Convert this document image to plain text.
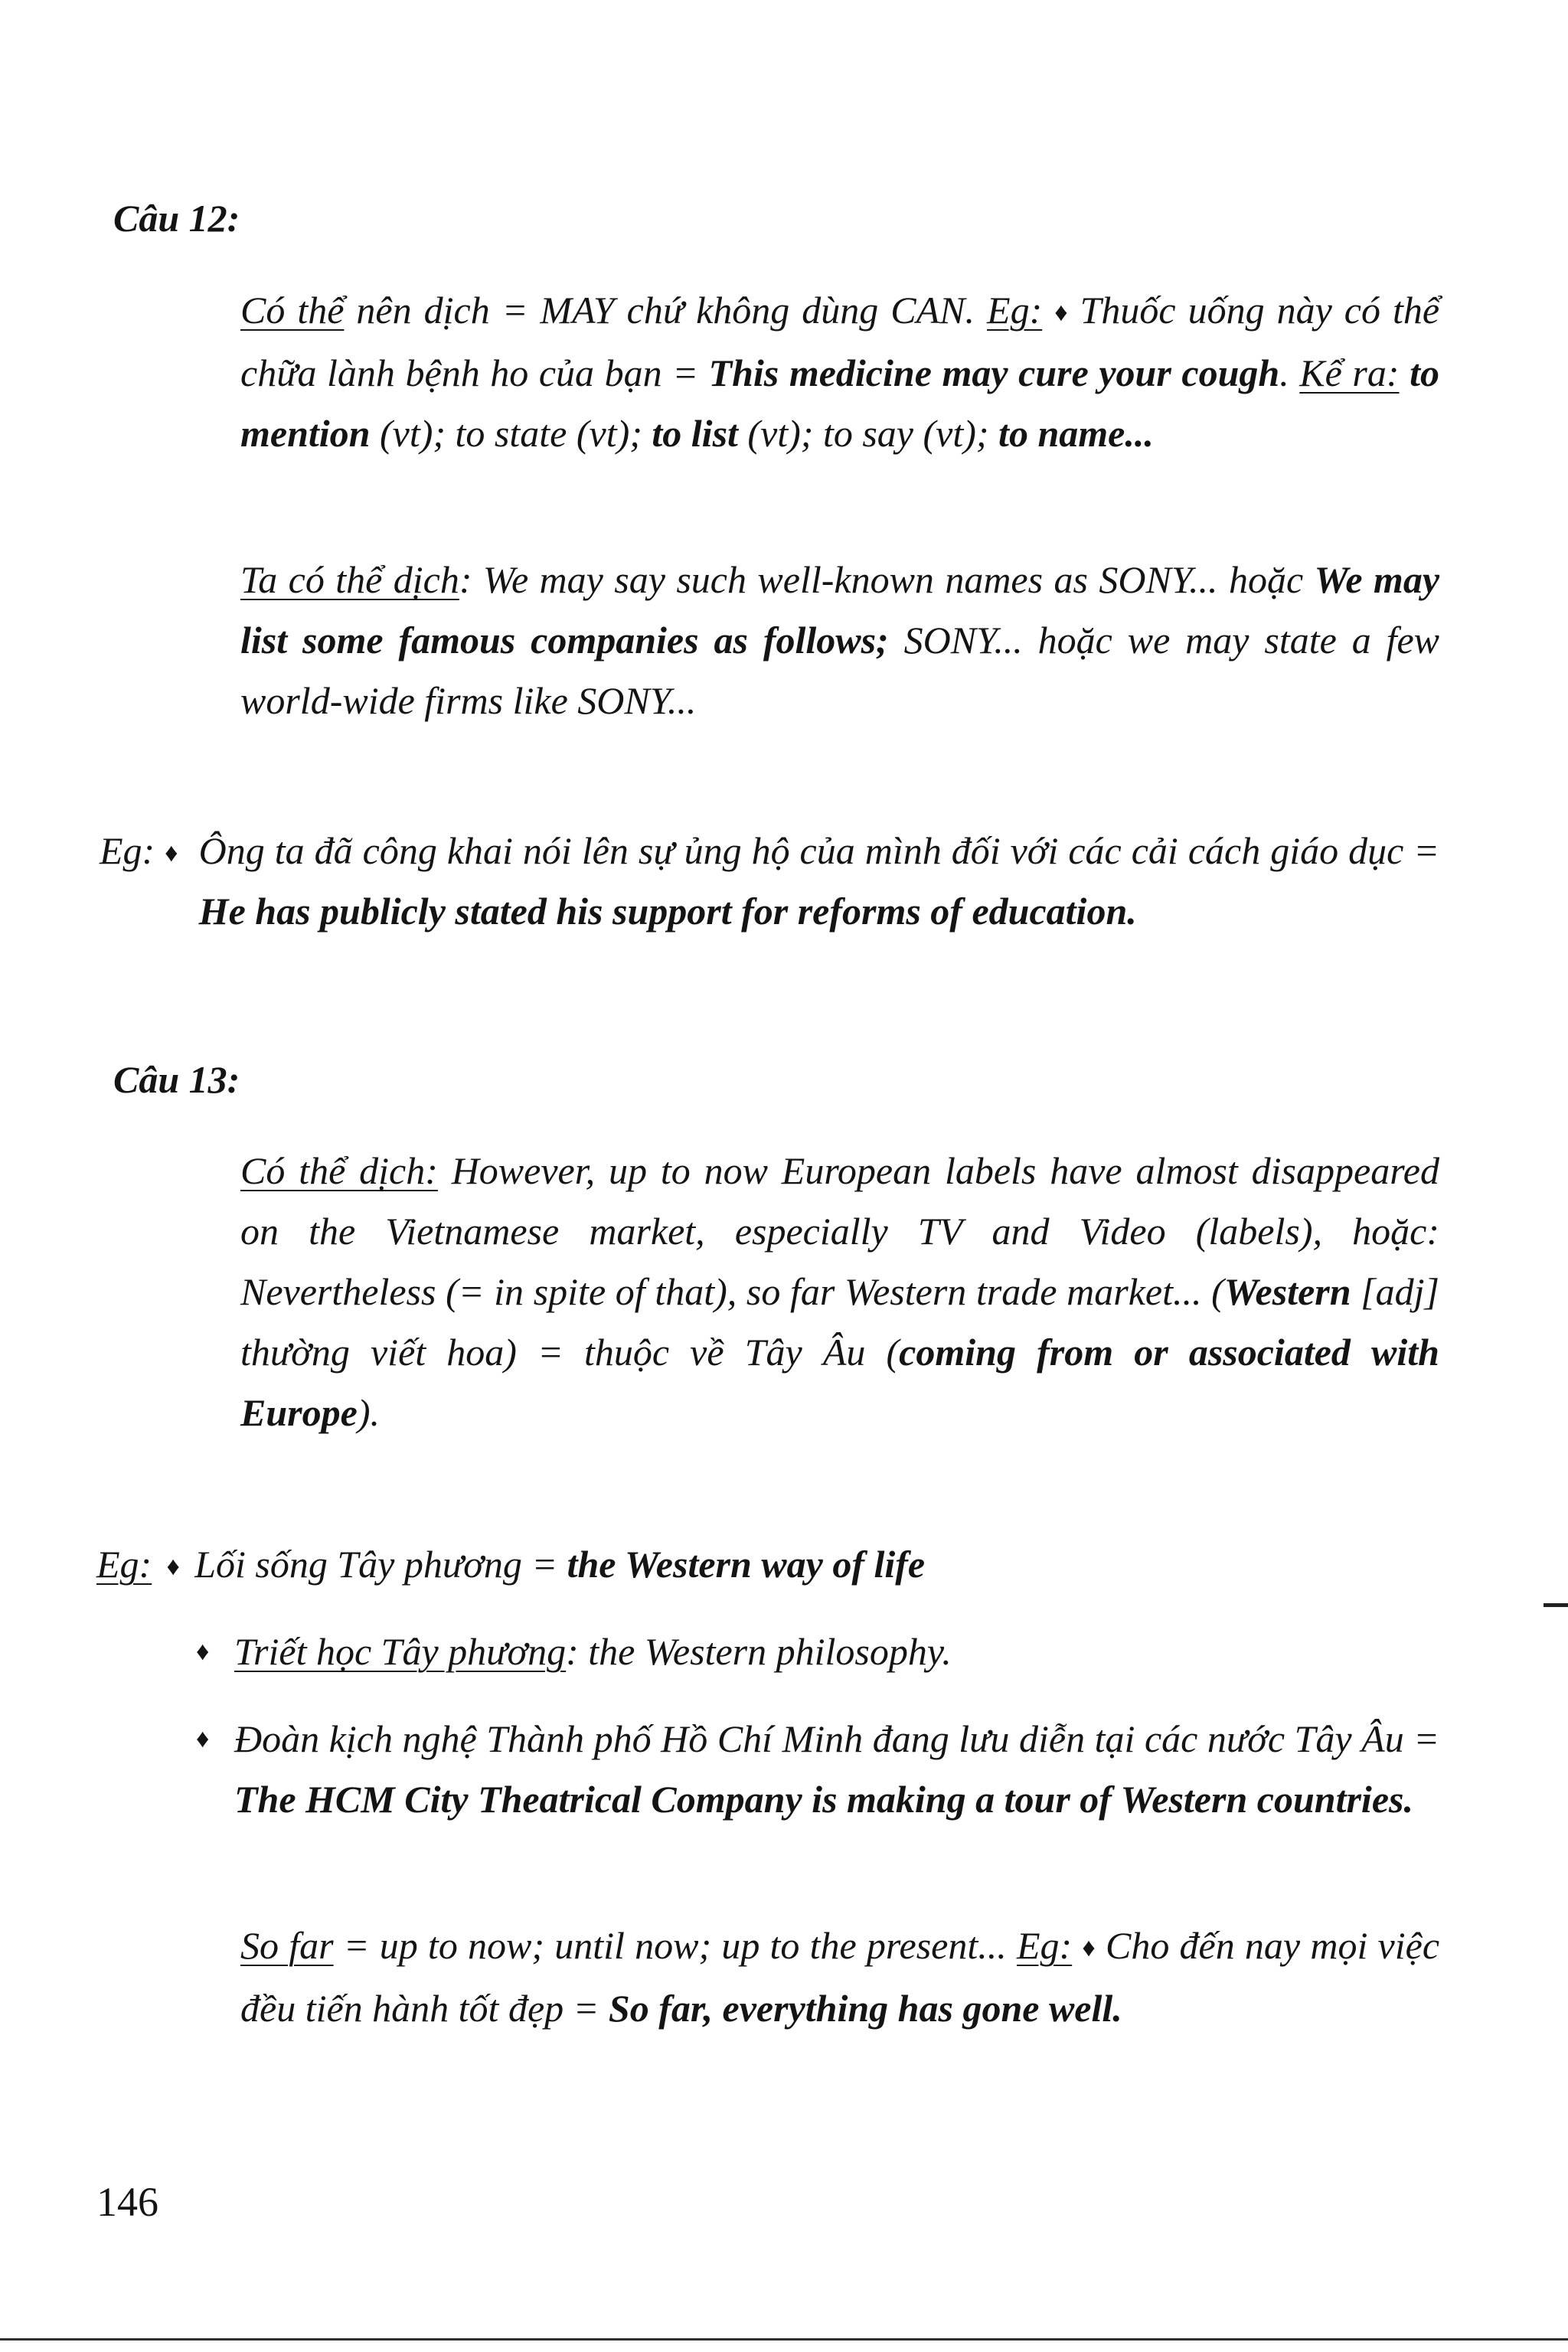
Câu 12:
Có thể nên dịch = MAY chứ không dùng CAN. Eg: ♦ Thuốc uống này có thể chữa lành bệnh ho của bạn = This medicine may cure your cough. Kể ra: to mention (vt); to state (vt); to list (vt); to say (vt); to name...
Ta có thể dịch: We may say such well-known names as SONY... hoặc We may list some famous companies as follows; SONY... hoặc we may state a few world-wide firms like SONY...
Eg: ♦ Ông ta đã công khai nói lên sự ủng hộ của mình đối với các cải cách giáo dục = He has publicly stated his support for reforms of education.
Câu 13:
Có thể dịch: However, up to now European labels have almost disappeared on the Vietnamese market, especially TV and Video (labels), hoặc: Nevertheless (= in spite of that), so far Western trade market... (Western [adj] thường viết hoa) = thuộc về Tây Âu (coming from or associated with Europe).
Eg: ♦ Lối sống Tây phương = the Western way of life
♦ Triết học Tây phương: the Western philosophy.
♦ Đoàn kịch nghệ Thành phố Hồ Chí Minh đang lưu diễn tại các nước Tây Âu = The HCM City Theatrical Company is making a tour of Western countries.
So far = up to now; until now; up to the present... Eg: ♦ Cho đến nay mọi việc đều tiến hành tốt đẹp = So far, everything has gone well.
146
